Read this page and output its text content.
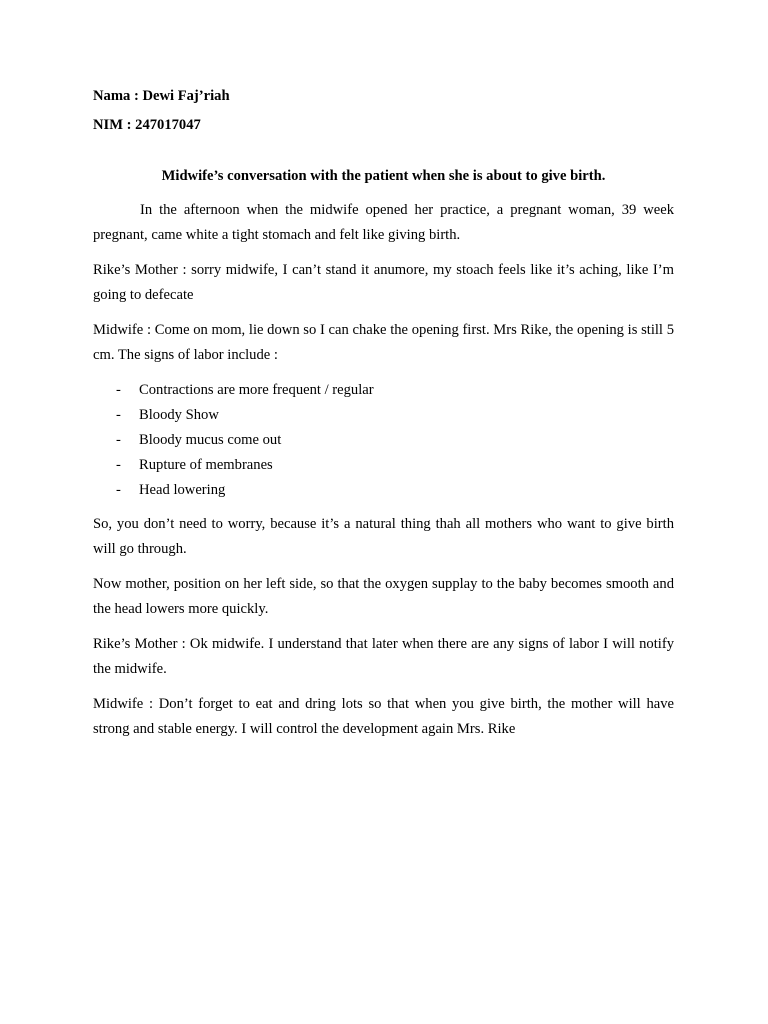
Nama : Dewi Faj’riah
NIM : 247017047
Midwife’s conversation with the patient when she is about to give birth.

In the afternoon when the midwife opened her practice, a pregnant woman, 39 week pregnant, came white a tight stomach and felt like giving birth.

Rike’s Mother : sorry midwife, I can’t stand it anumore, my stoach feels like it’s aching, like I’m going to defecate

Midwife : Come on mom, lie down so I can chake the opening first. Mrs Rike, the opening is still 5 cm. The signs of labor include :

- Contractions are more frequent / regular
- Bloody Show
- Bloody mucus come out
- Rupture of membranes
- Head lowering

So, you don’t need to worry, because it’s a natural thing thah all mothers who want to give birth will go through.

Now mother, position on her left side, so that the oxygen supplay to the baby becomes smooth and the head lowers more quickly.

Rike’s Mother : Ok midwife. I understand that later when there are any signs of labor I will notify the midwife.

Midwife : Don’t forget to eat and dring lots so that when you give birth, the mother will have strong and stable energy. I will control the development again Mrs. Rike
